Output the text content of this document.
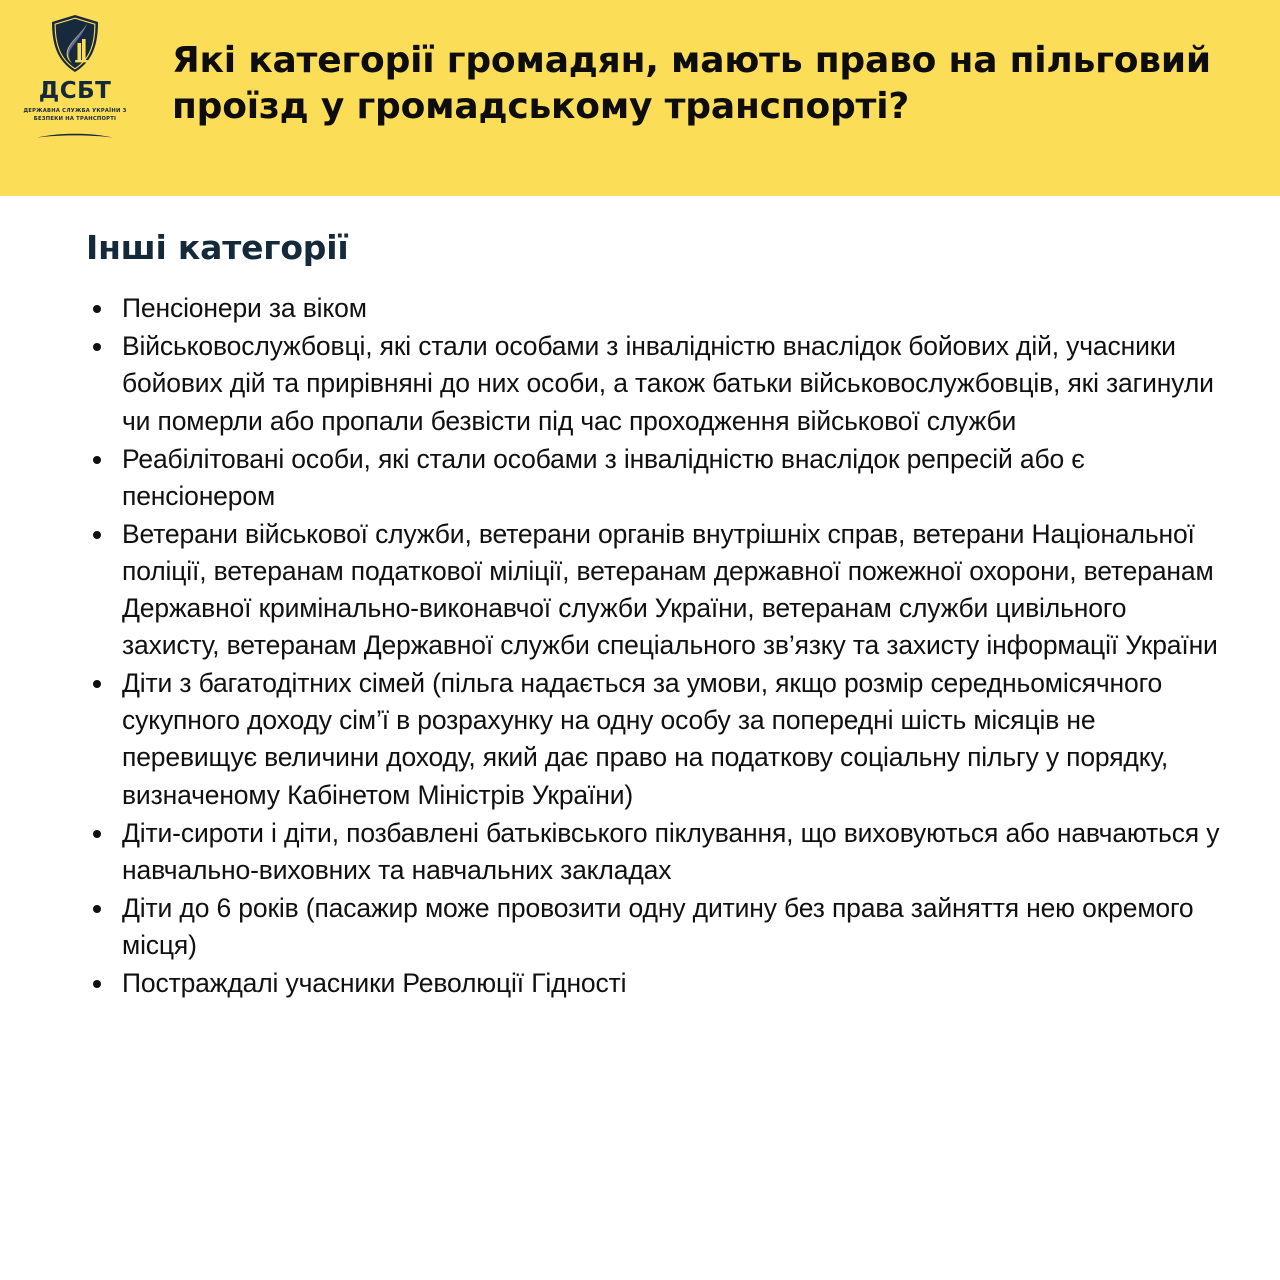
ДСБТ
ДЕРЖАВНА СЛУЖБА УКРАЇНИ З БЕЗПЕКИ НА ТРАНСПОРТІ
Які категорії громадян, мають право на пільговий проїзд у громадському транспорті?
Інші категорії
Пенсіонери за віком
Військовослужбовці, які стали особами з інвалідністю внаслідок бойових дій, учасники бойових дій та прирівняні до них особи, а також батьки військовослужбовців, які загинули чи померли або пропали безвісти під час проходження військової служби
Реабілітовані особи, які стали особами з інвалідністю внаслідок репресій або є пенсіонером
Ветерани військової служби, ветерани органів внутрішніх справ, ветерани Національної поліції, ветеранам податкової міліції, ветеранам державної пожежної охорони, ветеранам Державної кримінально-виконавчої служби України, ветеранам служби цивільного захисту, ветеранам Державної служби спеціального зв’язку та захисту інформації України
Діти з багатодітних сімей (пільга надається за умови, якщо розмір середньомісячного сукупного доходу сім’ї в розрахунку на одну особу за попередні шість місяців не перевищує величини доходу, який дає право на податкову соціальну пільгу у порядку, визначеному Кабінетом Міністрів України)
Діти-сироти і діти, позбавлені батьківського піклування, що виховуються або навчаються у навчально-виховних та навчальних закладах
Діти до 6 років (пасажир може провозити одну дитину без права зайняття нею окремого місця)
Постраждалі учасники Революції Гідності
